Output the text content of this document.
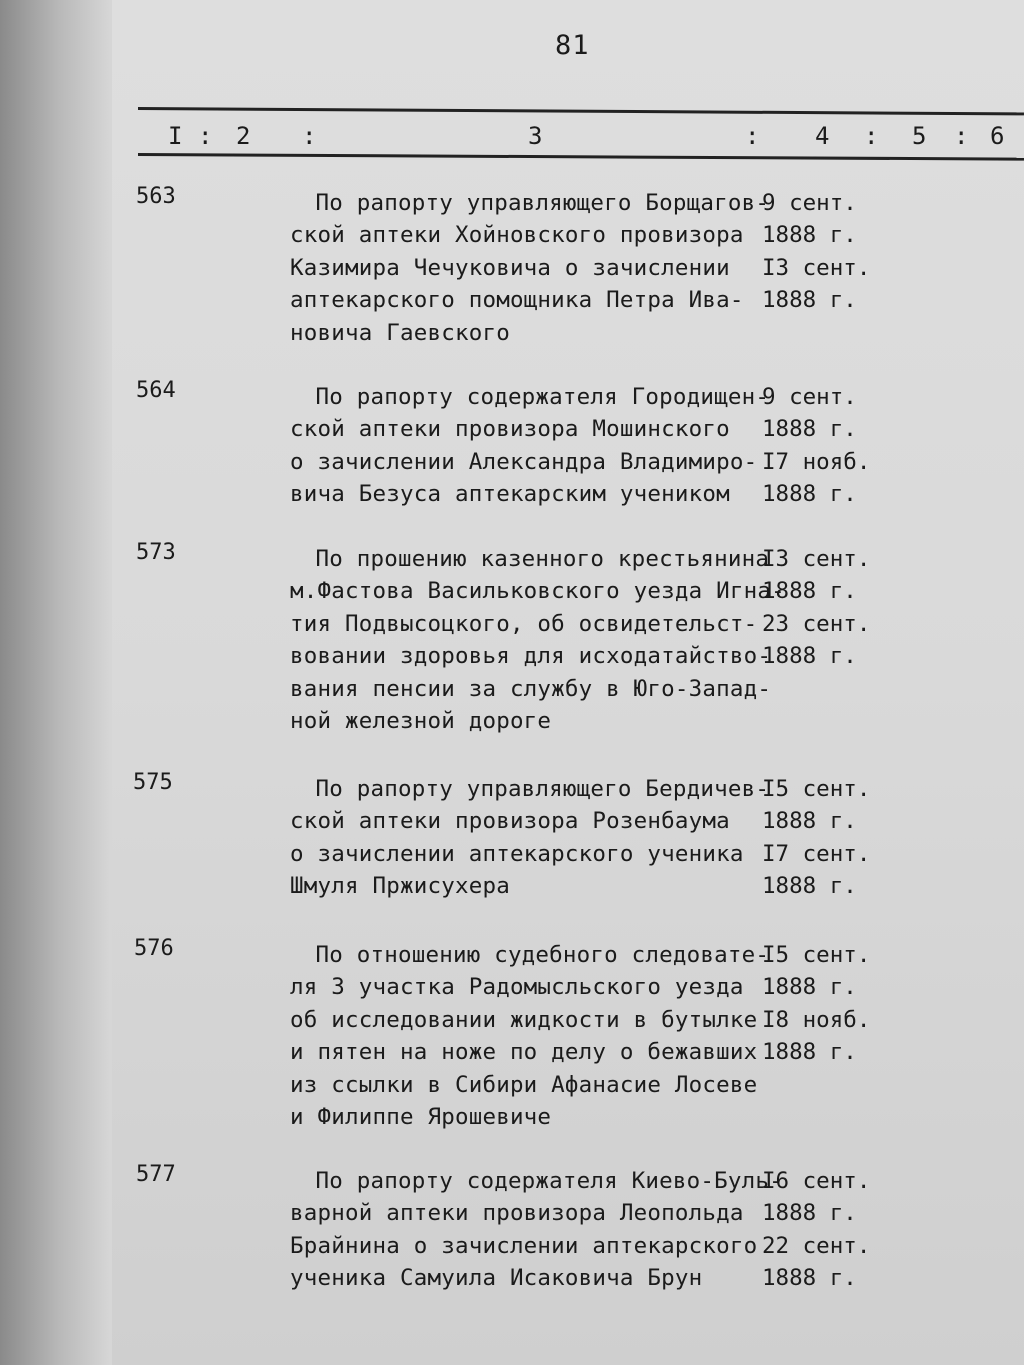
81
I : 2 :	3	: 4 : 5 : 6
563	По рапорту управляющего Борщагов-
ской аптеки Хойновского провизора
Казимира Чечуковича о зачислении
аптекарского помощника Петра Ива-
новича Гаевского
9 сент.
1888 г.
I3 сент.
1888 г.
564	По рапорту содержателя Городищен-
ской аптеки провизора Мошинского
о зачислении Александра Владимиро-
вича Безуса аптекарским учеником
9 сент.
1888 г.
I7 нояб.
1888 г.
573	По прошению казенного крестьянина
м.Фастова Васильковского уезда Игна-
тия Подвысоцкого, об освидетельст-
вовании здоровья для исходатайство-
вания пенсии за службу в Юго-Запад-
ной железной дороге
I3 сент.
1888 г.
23 сент.
1888 г.
575	По рапорту управляющего Бердичев-
ской аптеки провизора Розенбаума
о зачислении аптекарского ученика
Шмуля Пржисухера
I5 сент.
1888 г.
I7 сент.
1888 г.
576	По отношению судебного следовате-
ля 3 участка Радомысльского уезда
об исследовании жидкости в бутылке
и пятен на ноже по делу о бежавших
из ссылки в Сибири Афанасие Лосеве
и Филиппе Ярошевиче
I5 сент.
1888 г.
I8 нояб.
1888 г.
577	По рапорту содержателя Киево-Буль-
варной аптеки провизора Леопольда
Брайнина о зачислении аптекарского
ученика Самуила Исаковича Брун
I6 сент.
1888 г.
22 сент.
1888 г.
